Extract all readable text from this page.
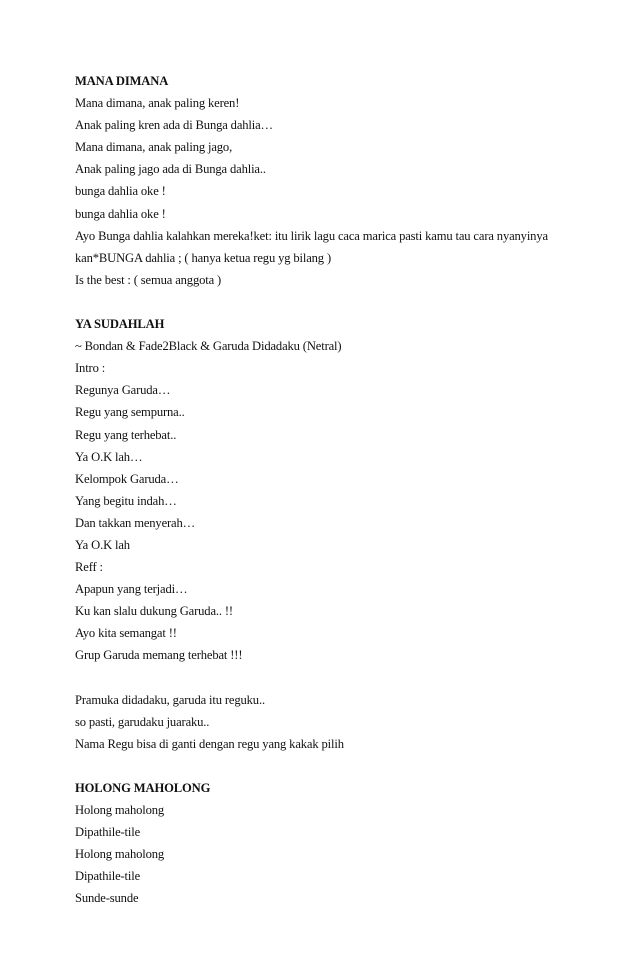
MANA DIMANA
Mana dimana, anak paling keren!
Anak paling kren ada di Bunga dahlia…
Mana dimana, anak paling jago,
Anak paling jago ada di Bunga dahlia..
bunga dahlia oke !
bunga dahlia oke !
Ayo Bunga dahlia kalahkan mereka!ket: itu lirik lagu caca marica pasti kamu tau cara nyanyinya
kan*BUNGA dahlia ; ( hanya ketua regu yg bilang )
Is the best : ( semua anggota )
YA SUDAHLAH
~ Bondan & Fade2Black & Garuda Didadaku (Netral)
Intro :
Regunya Garuda…
Regu yang sempurna..
Regu yang terhebat..
Ya O.K lah…
Kelompok Garuda…
Yang begitu indah…
Dan takkan menyerah…
Ya O.K lah
Reff :
Apapun yang terjadi…
Ku kan slalu dukung Garuda.. !!
Ayo kita semangat !!
Grup Garuda memang terhebat !!!
Pramuka didadaku, garuda itu reguku..
so pasti, garudaku juaraku..
Nama Regu bisa di ganti dengan regu yang kakak pilih
HOLONG MAHOLONG
Holong maholong
Dipathile-tile
Holong maholong
Dipathile-tile
Sunde-sunde
